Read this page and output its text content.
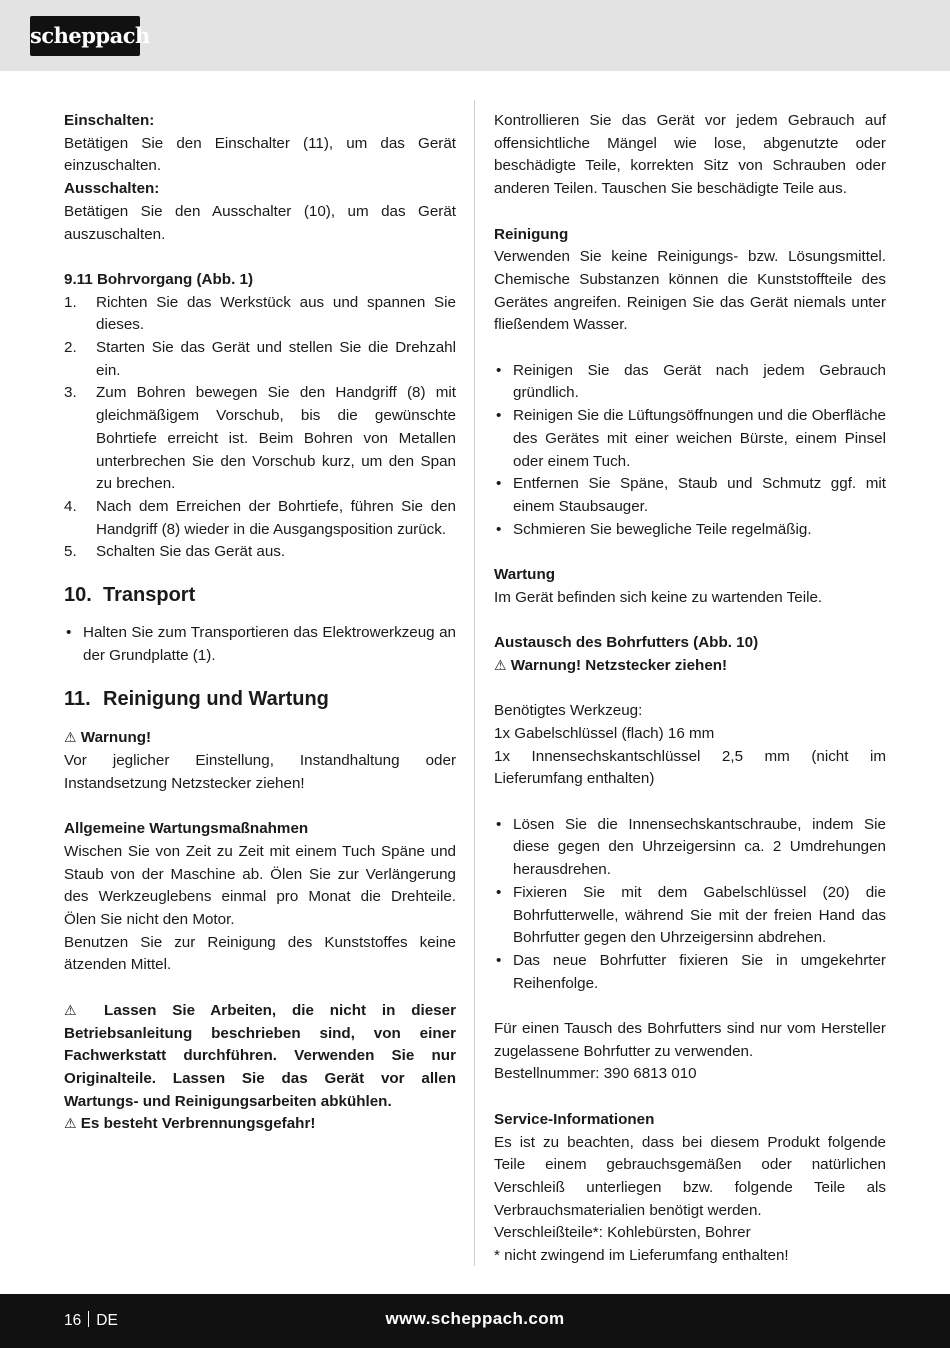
scheppach

Einschalten:

Betätigen Sie den Einschalter (11), um das Gerät einzuschalten.

Ausschalten:

Betätigen Sie den Ausschalter (10), um das Gerät auszuschalten.

9.11 Bohrvorgang (Abb. 1)

1.	Richten Sie das Werkstück aus und spannen Sie dieses.
2.	Starten Sie das Gerät und stellen Sie die Drehzahl ein.
3.	Zum Bohren bewegen Sie den Handgriff (8) mit gleichmäßigem Vorschub, bis die gewünschte Bohrtiefe erreicht ist. Beim Bohren von Metallen unterbrechen Sie den Vorschub kurz, um den Span zu brechen.
4.	Nach dem Erreichen der Bohrtiefe, führen Sie den Handgriff (8) wieder in die Ausgangsposition zurück.
5.	Schalten Sie das Gerät aus.
10. Transport
• Halten Sie zum Transportieren das Elektrowerkzeug an der Grundplatte (1).
11. Reinigung und Wartung

⚠ Warnung!

Vor jeglicher Einstellung, Instandhaltung oder Instandsetzung Netzstecker ziehen!

Allgemeine Wartungsmaßnahmen

Wischen Sie von Zeit zu Zeit mit einem Tuch Späne und Staub von der Maschine ab. Ölen Sie zur Verlängerung des Werkzeuglebens einmal pro Monat die Drehteile. Ölen Sie nicht den Motor.

Benutzen Sie zur Reinigung des Kunststoffes keine ätzenden Mittel.

⚠ Lassen Sie Arbeiten, die nicht in dieser Betriebsanleitung beschrieben sind, von einer Fachwerkstatt durchführen. Verwenden Sie nur Originalteile. Lassen Sie das Gerät vor allen Wartungs- und Reinigungsarbeiten abkühlen.

⚠ Es besteht Verbrennungsgefahr!

Kontrollieren Sie das Gerät vor jedem Gebrauch auf offensichtliche Mängel wie lose, abgenutzte oder beschädigte Teile, korrekten Sitz von Schrauben oder anderen Teilen. Tauschen Sie beschädigte Teile aus.

Reinigung

Verwenden Sie keine Reinigungs- bzw. Lösungsmittel. Chemische Substanzen können die Kunststoffteile des Gerätes angreifen. Reinigen Sie das Gerät niemals unter fließendem Wasser.

• Reinigen Sie das Gerät nach jedem Gebrauch gründlich.
• Reinigen Sie die Lüftungsöffnungen und die Oberfläche des Gerätes mit einer weichen Bürste, einem Pinsel oder einem Tuch.
• Entfernen Sie Späne, Staub und Schmutz ggf. mit einem Staubsauger.
• Schmieren Sie bewegliche Teile regelmäßig.

Wartung

Im Gerät befinden sich keine zu wartenden Teile.

Austausch des Bohrfutters (Abb. 10)

⚠ Warnung! Netzstecker ziehen!

Benötigtes Werkzeug:

1x Gabelschlüssel (flach) 16 mm

1x Innensechskantschlüssel 2,5 mm (nicht im Lieferumfang enthalten)

• Lösen Sie die Innensechskantschraube, indem Sie diese gegen den Uhrzeigersinn ca. 2 Umdrehungen herausdrehen.
• Fixieren Sie mit dem Gabelschlüssel (20) die Bohrfutterwelle, während Sie mit der freien Hand das Bohrfutter gegen den Uhrzeigersinn abdrehen.
• Das neue Bohrfutter fixieren Sie in umgekehrter Reihenfolge.

Für einen Tausch des Bohrfutters sind nur vom Hersteller zugelassene Bohrfutter zu verwenden.

Bestellnummer: 390 6813 010

Service-Informationen

Es ist zu beachten, dass bei diesem Produkt folgende Teile einem gebrauchsgemäßen oder natürlichen Verschleiß unterliegen bzw. folgende Teile als Verbrauchsmaterialien benötigt werden.

Verschleißteile*: Kohlebürsten, Bohrer

* nicht zwingend im Lieferumfang enthalten!

16 DE	www.scheppach.com
